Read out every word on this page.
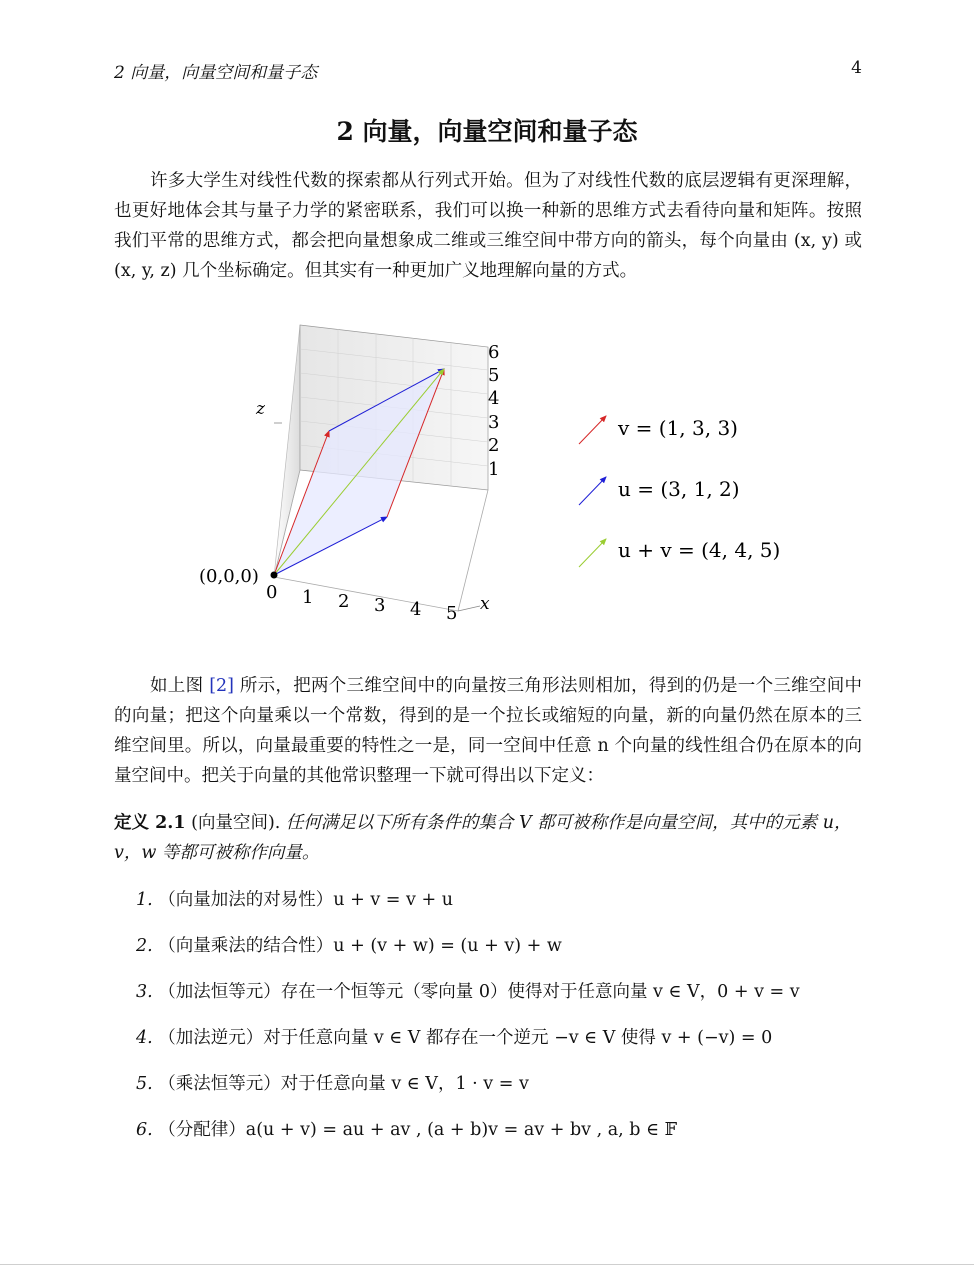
2 向量，向量空间和量子态	4
2 向量，向量空间和量子态
许多大学生对线性代数的探索都从行列式开始。但为了对线性代数的底层逻辑有更深理解，也更好地体会其与量子力学的紧密联系，我们可以换一种新的思维方式去看待向量和矩阵。按照我们平常的思维方式，都会把向量想象成二维或三维空间中带方向的箭头，每个向量由 (x, y) 或 (x, y, z) 几个坐标确定。但其实有一种更加广义地理解向量的方式。
z
x
(0,0,0)
0 1 2 3 4 5
6
5
4
3
2
1
v = (1, 3, 3)
u = (3, 1, 2)
u + v = (4, 4, 5)
如上图 [2] 所示，把两个三维空间中的向量按三角形法则相加，得到的仍是一个三维空间中的向量；把这个向量乘以一个常数，得到的是一个拉长或缩短的向量，新的向量仍然在原本的三维空间里。所以，向量最重要的特性之一是，同一空间中任意 n 个向量的线性组合仍在原本的向量空间中。把关于向量的其他常识整理一下就可得出以下定义：
定义 2.1 (向量空间). 任何满足以下所有条件的集合 V 都可被称作是向量空间，其中的元素 u，v，w 等都可被称作向量。
1. （向量加法的对易性）u + v = v + u
2. （向量乘法的结合性）u + (v + w) = (u + v) + w
3. （加法恒等元）存在一个恒等元（零向量 0）使得对于任意向量 v ∈ V，0 + v = v
4. （加法逆元）对于任意向量 v ∈ V 都存在一个逆元 −v ∈ V 使得 v + (−v) = 0
5. （乘法恒等元）对于任意向量 v ∈ V，1 · v = v
6. （分配律）a(u + v) = au + av , (a + b)v = av + bv , a, b ∈ 𝔽
